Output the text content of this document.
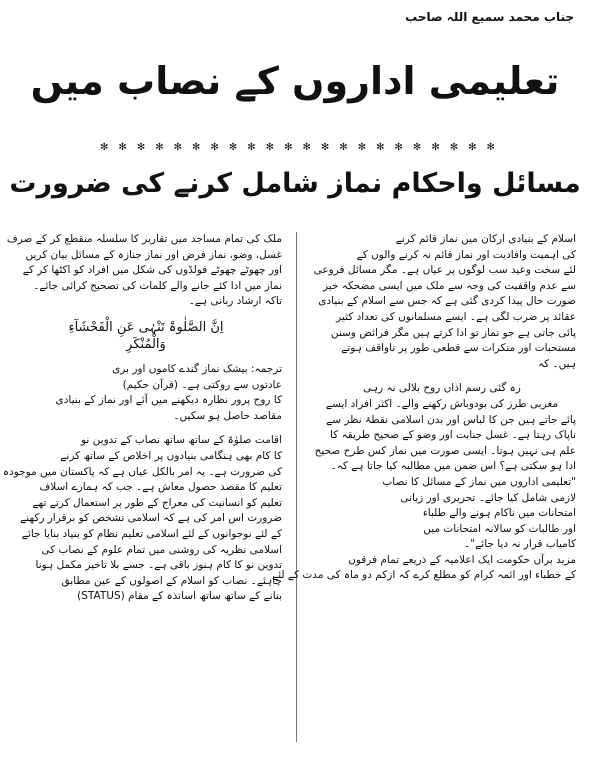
جناب محمد سمیع اللہ صاحب
تعلیمی اداروں کے نصاب میں
✻ ✻ ✻ ✻ ✻ ✻ ✻ ✻ ✻ ✻ ✻ ✻ ✻ ✻ ✻ ✻ ✻ ✻ ✻ ✻ ✻ ✻
مسائل واحکام نماز شامل کرنے کی ضرورت

اسلام کے بنیادی ارکان میں نماز قائم کرنے

کی اہمیت وافادیت اور نماز قائم نہ کرنے والوں کے

لئے سخت وعید سب لوگوں پر عیاں ہے۔ مگر مسائل فروعی

سے عدم واقفیت کی وجہ سے ملک میں ایسی مضحکہ خیز

صورت حال پیدا کردی گئی ہے کہ جس سے اسلام کے بنیادی

عقائد پر ضرب لگی ہے۔ ایسے مسلمانوں کی تعداد کثیر

پائی جاتی ہے جو نماز تو ادا کرتے ہیں مگر فرائض وسنن

مستحبات اور منکرات سے قطعی طور پر ناواقف ہوتے

ہیں۔ کہ

رہ گئی رسم اذاں روح بلالی نہ رہی

مغربی طرز کی بودوباش رکھنے والے۔ اکثر افراد ایسے

پائے جاتے ہیں جن کا لباس اور بدن اسلامی نقطۂ نظر سے

ناپاک رہتا ہے۔ غسل جنابت اور وضو کے صحیح طریقہ کا

علم ہی نہیں ہوتا۔ ایسی صورت میں نماز کس طرح صحیح

ادا ہو سکتی ہے؟ اس ضمن میں مطالبہ کیا جاتا ہے کہ۔

"تعلیمی اداروں میں نماز کے مسائل کا نصاب

لازمی شامل کیا جائے۔ تحریری اور زبانی

امتحانات میں ناکام ہونے والے طلباء

اور طالبات کو سالانہ امتحانات میں

کامیاب قرار نہ دیا جائے"۔

مزید برآں حکومت ایک اعلامیہ کے ذریعے تمام فرقوں

کے خطباء اور ائمہ کرام کو مطلع کرے کہ ازکم دو ماہ کی مدت کے لئے

ملک کی تمام مساجد میں تقاریر کا سلسلہ منقطع کر کے صرف

غسل، وضو، نماز فرض اور نماز جنازہ کے مسائل بیان کریں

اور چھوٹے چھوٹے فولڈوں کی شکل میں افراد کو اکٹھا کر کے

نماز میں ادا کئے جانے والے کلمات کی تصحیح کرائی جائے۔

تاکہ ارشاد ربانی ہے۔

اِنَّ الصَّلٰوۃَ تَنْہٰی عَنِ الْفَحْشَآءِ

وَالْمُنْکَرِ

ترجمہ: بیشک نماز گندے کاموں اور بری

عادتوں سے روکتی ہے۔ (قرآن حکیم)

کا روح پرور نظارہ دیکھنے میں آئے اور نماز کے بنیادی

مقاصد حاصل ہو سکیں۔

اقامت صلوٰۃ کے ساتھ ساتھ نصاب کے تدوین نو

کا کام بھی ہنگامی بنیادوں پر اخلاص کے ساتھ کرنے

کی ضرورت ہے۔ یہ امر بالکل عیاں ہے کہ پاکستان میں موجودہ

تعلیم کا مقصد حصول معاش ہے۔ جب کہ ہمارے اسلاف

تعلیم کو انسانیت کی معراج کے طور پر استعمال کرتے تھے

ضرورت اس امر کی ہے کہ اسلامی تشخص کو برقرار رکھنے

کے لئے نوجوانوں کے لئے اسلامی تعلیم نظام کو بنیاد بنایا جائے

اسلامی نظریہ کی روشنی میں تمام علوم کے نصاب کی

تدوین نو کا کام ہنوز باقی ہے۔ جسے بلا تاخیر مکمل ہونا

چاہئے۔ نصاب کو اسلام کے اصولوں کے عین مطابق

بنانے کے ساتھ ساتھ اساتذہ کے مقام (STATUS)
